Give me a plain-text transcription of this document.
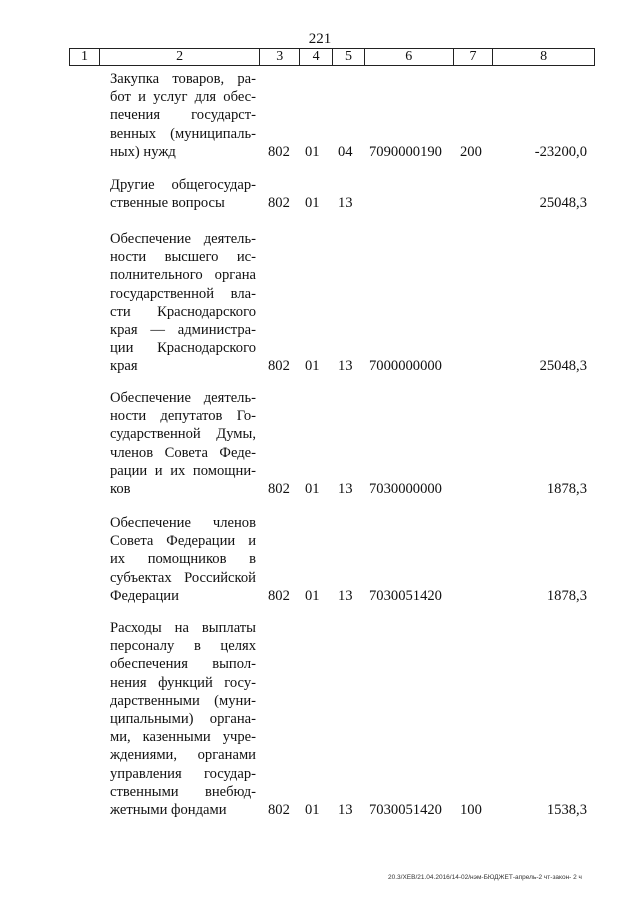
221
1	2	3	4	5	6	7	8
Закупка товаров, ра-
бот и услуг для обес-
печения государст-
венных (муниципаль-
ных) нужд	802 01 04 7090000190 200	-23200,0
Другие общегосудар-
ственные вопросы	802 01 13	25048,3
Обеспечение деятель-
ности высшего ис-
полнительного органа
государственной вла-
сти Краснодарского
края — администра-
ции Краснодарского
края	802 01 13 7000000000	25048,3
Обеспечение деятель-
ности депутатов Го-
сударственной Думы,
членов Совета Феде-
рации и их помощни-
ков	802 01 13 7030000000	1878,3
Обеспечение членов
Совета Федерации и
их помощников в
субъектах Российской
Федерации	802 01 13 7030051420	1878,3
Расходы на выплаты
персоналу в целях
обеспечения выпол-
нения функций госу-
дарственными (муни-
ципальными) органа-
ми, казенными учре-
ждениями, органами
управления государ-
ственными внебюд-
жетными фондами	802 01 13 7030051420 100	1538,3
20.3/ХЕВ/21.04.2016/14-02/нэм-БЮДЖЕТ-апрель-2 чт-закон- 2 ч
